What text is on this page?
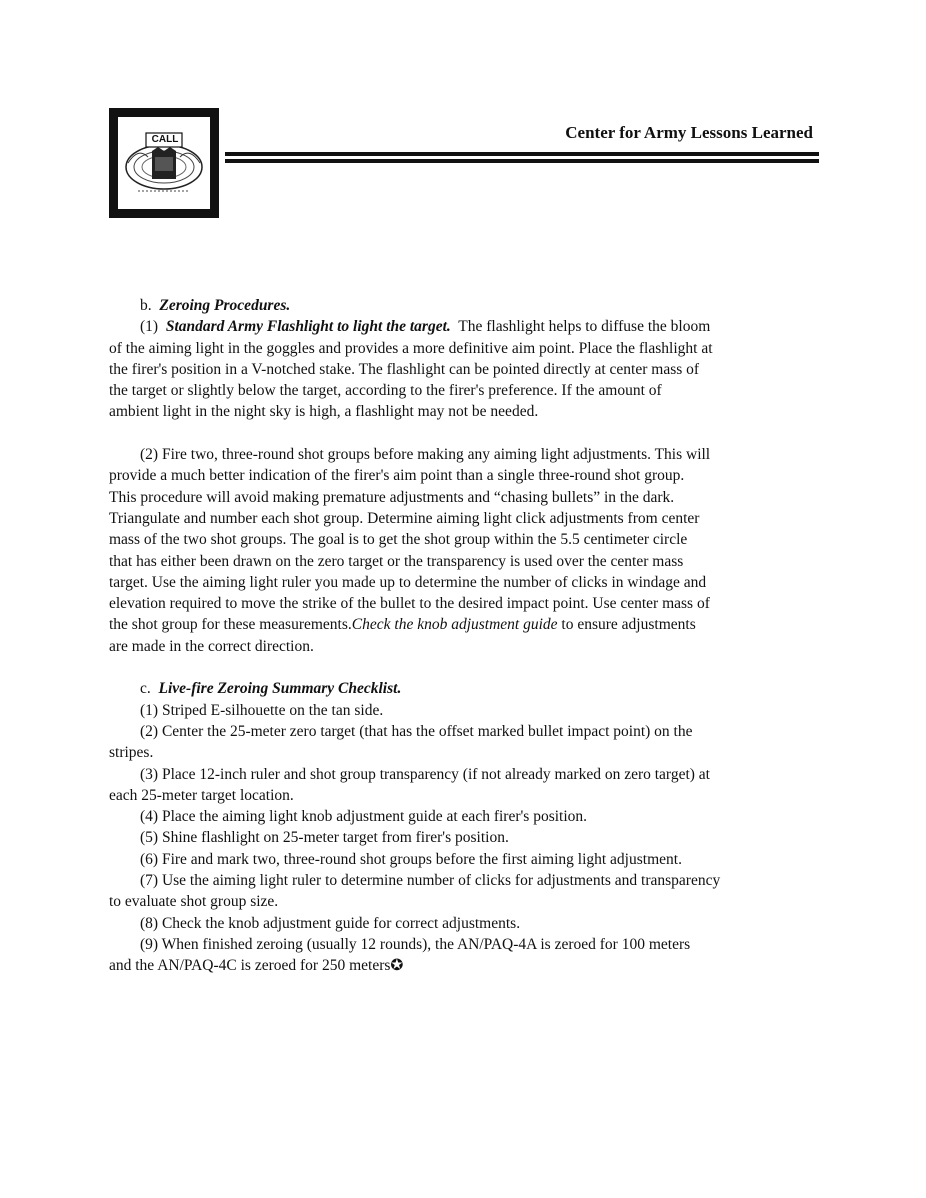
CALL	Center for Army Lessons Learned
b. Zeroing Procedures.
(1) Standard Army Flashlight to light the target. The flashlight helps to diffuse the bloom
of the aiming light in the goggles and provides a more definitive aim point. Place the flashlight at
the firer's position in a V-notched stake. The flashlight can be pointed directly at center mass of
the target or slightly below the target, according to the firer's preference. If the amount of
ambient light in the night sky is high, a flashlight may not be needed.
(2) Fire two, three-round shot groups before making any aiming light adjustments. This will
provide a much better indication of the firer's aim point than a single three-round shot group.
This procedure will avoid making premature adjustments and “chasing bullets” in the dark.
Triangulate and number each shot group. Determine aiming light click adjustments from center
mass of the two shot groups. The goal is to get the shot group within the 5.5 centimeter circle
that has either been drawn on the zero target or the transparency is used over the center mass
target. Use the aiming light ruler you made up to determine the number of clicks in windage and
elevation required to move the strike of the bullet to the desired impact point. Use center mass of
the shot group for these measurements.Check the knob adjustment guide to ensure adjustments
are made in the correct direction.
c. Live-fire Zeroing Summary Checklist.
(1) Striped E-silhouette on the tan side.
(2) Center the 25-meter zero target (that has the offset marked bullet impact point) on the
stripes.
(3) Place 12-inch ruler and shot group transparency (if not already marked on zero target) at
each 25-meter target location.
(4) Place the aiming light knob adjustment guide at each firer's position.
(5) Shine flashlight on 25-meter target from firer's position.
(6) Fire and mark two, three-round shot groups before the first aiming light adjustment.
(7) Use the aiming light ruler to determine number of clicks for adjustments and transparency
to evaluate shot group size.
(8) Check the knob adjustment guide for correct adjustments.
(9) When finished zeroing (usually 12 rounds), the AN/PAQ-4A is zeroed for 100 meters
and the AN/PAQ-4C is zeroed for 250 meters✪
